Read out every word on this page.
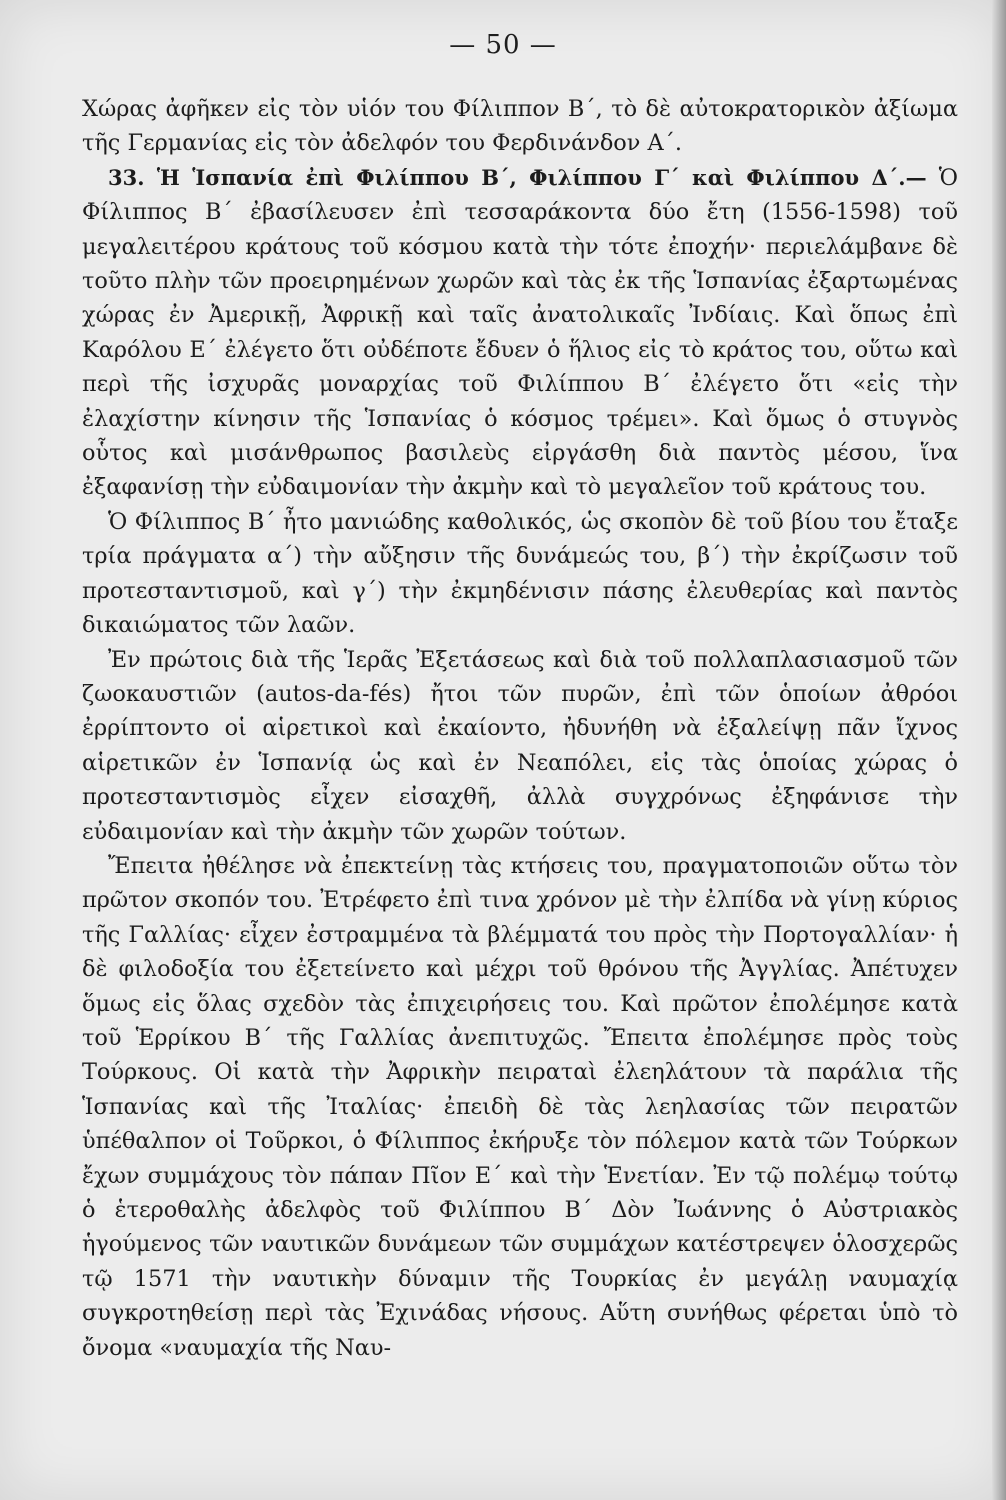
— 50 —

Χώρας ἀφῆκεν εἰς τὸν υἱόν του Φίλιππον Β΄, τὸ δὲ αὐτοκρατορικὸν ἀξίωμα τῆς Γερμανίας εἰς τὸν ἀδελφόν του Φερδινάνδον Α΄.

33. Ἡ Ἱσπανία ἐπὶ Φιλίππου Β΄, Φιλίππου Γ΄ καὶ Φιλίππου Δ΄.— Ὁ Φίλιππος Β΄ ἐβασίλευσεν ἐπὶ τεσσαράκοντα δύο ἔτη (1556-1598) τοῦ μεγαλειτέρου κράτους τοῦ κόσμου κατὰ τὴν τότε ἐποχήν· περιελάμβανε δὲ τοῦτο πλὴν τῶν προειρημένων χωρῶν καὶ τὰς ἐκ τῆς Ἱσπανίας ἐξαρτωμένας χώρας ἐν Ἀμερικῇ, Ἀφρικῇ καὶ ταῖς ἀνατολικαῖς Ἰνδίαις. Καὶ ὅπως ἐπὶ Καρόλου Ε΄ ἐλέγετο ὅτι οὐδέποτε ἔδυεν ὁ ἥλιος εἰς τὸ κράτος του, οὕτω καὶ περὶ τῆς ἰσχυρᾶς μοναρχίας τοῦ Φιλίππου Β΄ ἐλέγετο ὅτι «εἰς τὴν ἐλαχίστην κίνησιν τῆς Ἱσπανίας ὁ κόσμος τρέμει». Καὶ ὅμως ὁ στυγνὸς οὗτος καὶ μισάνθρωπος βασιλεὺς εἰργάσθη διὰ παντὸς μέσου, ἵνα ἐξαφανίσῃ τὴν εὐδαιμονίαν τὴν ἀκμὴν καὶ τὸ μεγαλεῖον τοῦ κράτους του.

Ὁ Φίλιππος Β΄ ἦτο μανιώδης καθολικός, ὡς σκοπὸν δὲ τοῦ βίου του ἔταξε τρία πράγματα α΄) τὴν αὔξησιν τῆς δυνάμεώς του, β΄) τὴν ἐκρίζωσιν τοῦ προτεσταντισμοῦ, καὶ γ΄) τὴν ἐκμηδένισιν πάσης ἐλευθερίας καὶ παντὸς δικαιώματος τῶν λαῶν.

Ἐν πρώτοις διὰ τῆς Ἱερᾶς Ἐξετάσεως καὶ διὰ τοῦ πολλαπλασιασμοῦ τῶν ζωοκαυστιῶν (autos-da-fés) ἤτοι τῶν πυρῶν, ἐπὶ τῶν ὁποίων ἀθρόοι ἐρρίπτοντο οἱ αἱρετικοὶ καὶ ἐκαίοντο, ἠδυνήθη νὰ ἐξαλείψῃ πᾶν ἴχνος αἱρετικῶν ἐν Ἱσπανίᾳ ὡς καὶ ἐν Νεαπόλει, εἰς τὰς ὁποίας χώρας ὁ προτεσταντισμὸς εἶχεν εἰσαχθῆ, ἀλλὰ συγχρόνως ἐξηφάνισε τὴν εὐδαιμονίαν καὶ τὴν ἀκμὴν τῶν χωρῶν τούτων.

Ἔπειτα ἠθέλησε νὰ ἐπεκτείνῃ τὰς κτήσεις του, πραγματοποιῶν οὕτω τὸν πρῶτον σκοπόν του. Ἐτρέφετο ἐπὶ τινα χρόνον μὲ τὴν ἐλπίδα νὰ γίνῃ κύριος τῆς Γαλλίας· εἶχεν ἐστραμμένα τὰ βλέμματά του πρὸς τὴν Πορτογαλλίαν· ἡ δὲ φιλοδοξία του ἐξετείνετο καὶ μέχρι τοῦ θρόνου τῆς Ἀγγλίας. Ἀπέτυχεν ὅμως εἰς ὅλας σχεδὸν τὰς ἐπιχειρήσεις του. Καὶ πρῶτον ἐπολέμησε κατὰ τοῦ Ἑρρίκου Β΄ τῆς Γαλλίας ἀνεπιτυχῶς. Ἔπειτα ἐπολέμησε πρὸς τοὺς Τούρκους. Οἱ κατὰ τὴν Ἀφρικὴν πειραταὶ ἐλεηλάτουν τὰ παράλια τῆς Ἱσπανίας καὶ τῆς Ἰταλίας· ἐπειδὴ δὲ τὰς λεηλασίας τῶν πειρατῶν ὑπέθαλπον οἱ Τοῦρκοι, ὁ Φίλιππος ἐκήρυξε τὸν πόλεμον κατὰ τῶν Τούρκων ἔχων συμμάχους τὸν πάπαν Πῖον Ε΄ καὶ τὴν Ἑνετίαν. Ἐν τῷ πολέμῳ τούτῳ ὁ ἑτεροθαλὴς ἀδελφὸς τοῦ Φιλίππου Β΄ Δὸν Ἰωάννης ὁ Αὐστριακὸς ἡγούμενος τῶν ναυτικῶν δυνάμεων τῶν συμμάχων κατέστρεψεν ὁλοσχερῶς τῷ 1571 τὴν ναυτικὴν δύναμιν τῆς Τουρκίας ἐν μεγάλῃ ναυμαχίᾳ συγκροτηθείσῃ περὶ τὰς Ἐχινάδας νήσους. Αὕτη συνήθως φέρεται ὑπὸ τὸ ὄνομα «ναυμαχία τῆς Ναυ-
